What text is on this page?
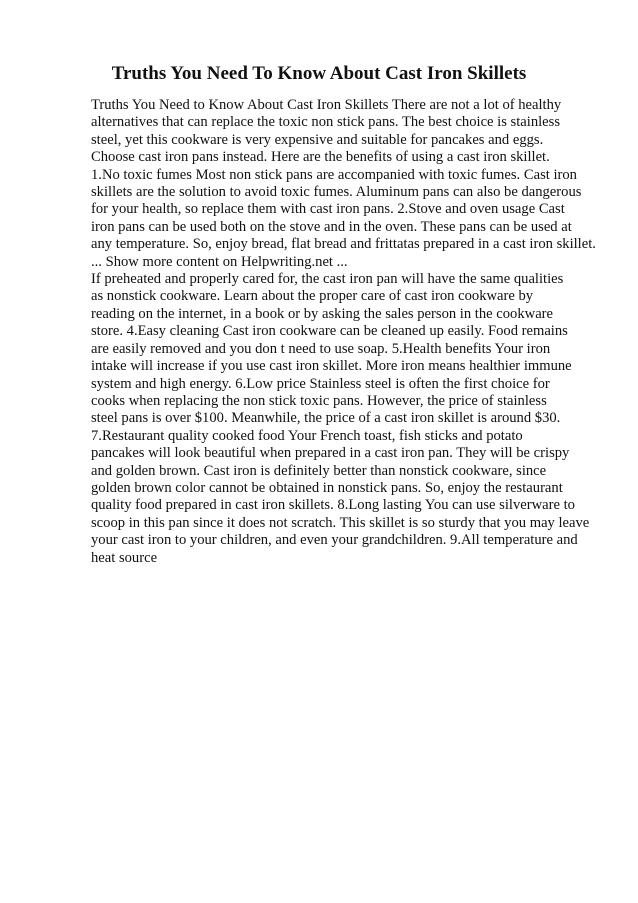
Truths You Need To Know About Cast Iron Skillets
Truths You Need to Know About Cast Iron Skillets There are not a lot of healthy
alternatives that can replace the toxic non stick pans. The best choice is stainless
steel, yet this cookware is very expensive and suitable for pancakes and eggs.
Choose cast iron pans instead. Here are the benefits of using a cast iron skillet.
1.No toxic fumes Most non stick pans are accompanied with toxic fumes. Cast iron
skillets are the solution to avoid toxic fumes. Aluminum pans can also be dangerous
for your health, so replace them with cast iron pans. 2.Stove and oven usage Cast
iron pans can be used both on the stove and in the oven. These pans can be used at
any temperature. So, enjoy bread, flat bread and frittatas prepared in a cast iron skillet.
... Show more content on Helpwriting.net ...
If preheated and properly cared for, the cast iron pan will have the same qualities
as nonstick cookware. Learn about the proper care of cast iron cookware by
reading on the internet, in a book or by asking the sales person in the cookware
store. 4.Easy cleaning Cast iron cookware can be cleaned up easily. Food remains
are easily removed and you don t need to use soap. 5.Health benefits Your iron
intake will increase if you use cast iron skillet. More iron means healthier immune
system and high energy. 6.Low price Stainless steel is often the first choice for
cooks when replacing the non stick toxic pans. However, the price of stainless
steel pans is over $100. Meanwhile, the price of a cast iron skillet is around $30.
7.Restaurant quality cooked food Your French toast, fish sticks and potato
pancakes will look beautiful when prepared in a cast iron pan. They will be crispy
and golden brown. Cast iron is definitely better than nonstick cookware, since
golden brown color cannot be obtained in nonstick pans. So, enjoy the restaurant
quality food prepared in cast iron skillets. 8.Long lasting You can use silverware to
scoop in this pan since it does not scratch. This skillet is so sturdy that you may leave
your cast iron to your children, and even your grandchildren. 9.All temperature and
heat source
